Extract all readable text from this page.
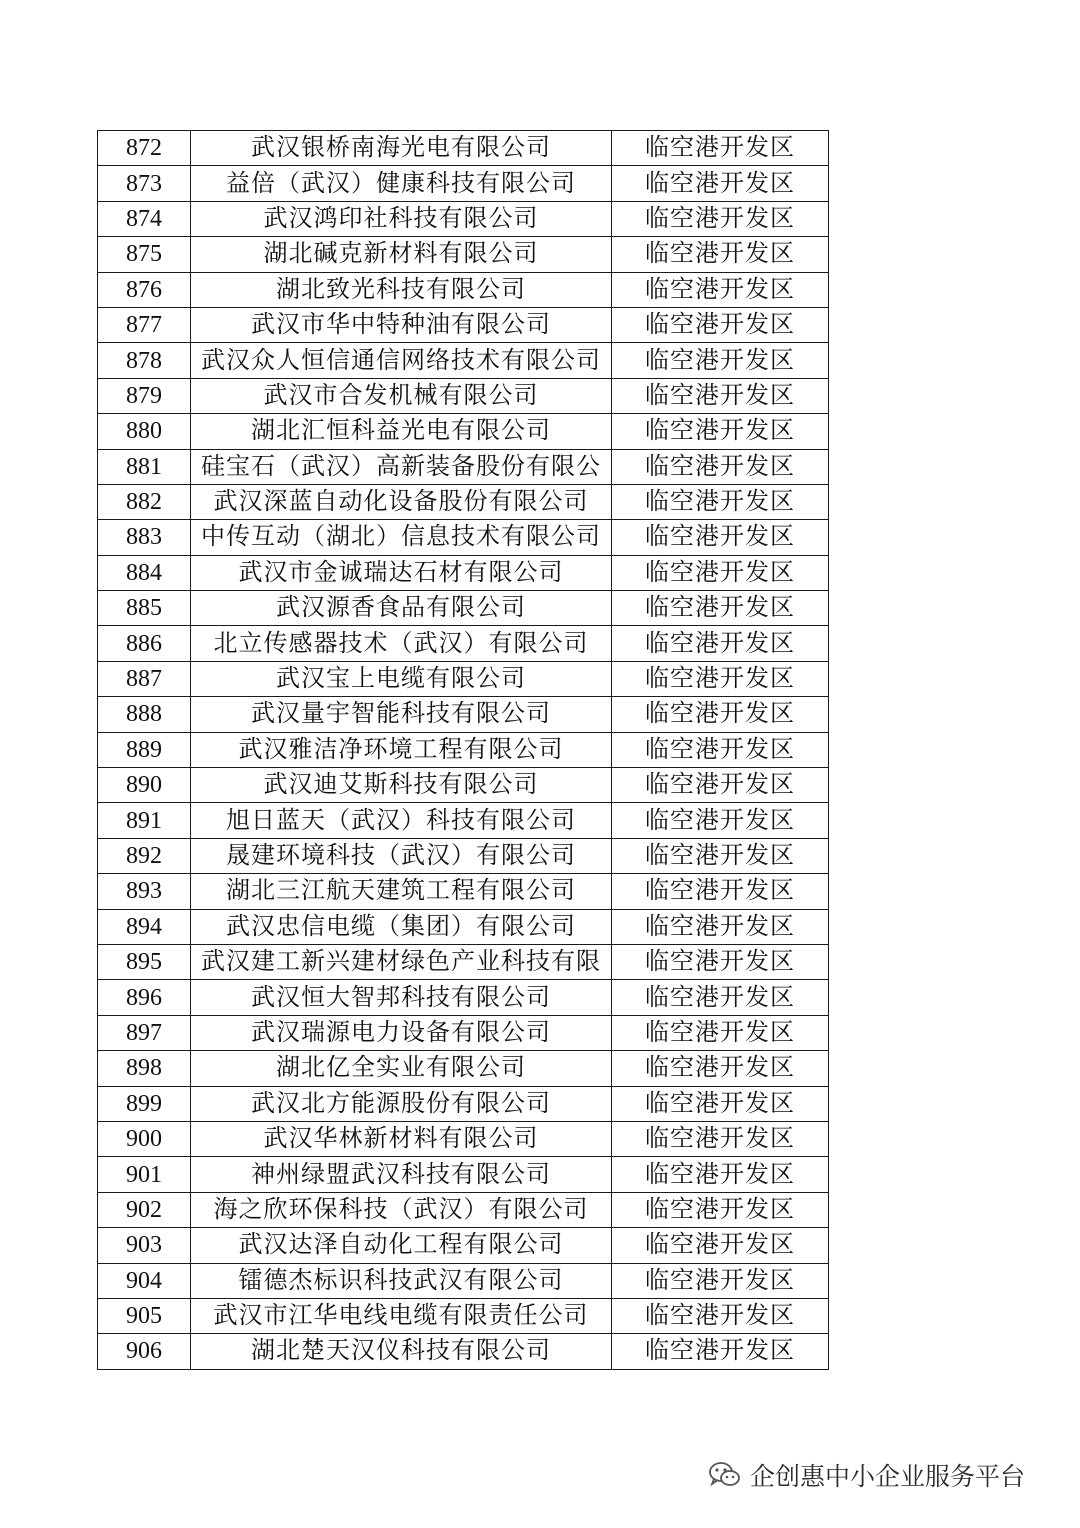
872	武汉银桥南海光电有限公司	临空港开发区
873	益倍（武汉）健康科技有限公司	临空港开发区
874	武汉鸿印社科技有限公司	临空港开发区
875	湖北碱克新材料有限公司	临空港开发区
876	湖北致光科技有限公司	临空港开发区
877	武汉市华中特种油有限公司	临空港开发区
878	武汉众人恒信通信网络技术有限公司	临空港开发区
879	武汉市合发机械有限公司	临空港开发区
880	湖北汇恒科益光电有限公司	临空港开发区
881	硅宝石（武汉）高新装备股份有限公	临空港开发区
882	武汉深蓝自动化设备股份有限公司	临空港开发区
883	中传互动（湖北）信息技术有限公司	临空港开发区
884	武汉市金诚瑞达石材有限公司	临空港开发区
885	武汉源香食品有限公司	临空港开发区
886	北立传感器技术（武汉）有限公司	临空港开发区
887	武汉宝上电缆有限公司	临空港开发区
888	武汉量宇智能科技有限公司	临空港开发区
889	武汉雅洁净环境工程有限公司	临空港开发区
890	武汉迪艾斯科技有限公司	临空港开发区
891	旭日蓝天（武汉）科技有限公司	临空港开发区
892	晟建环境科技（武汉）有限公司	临空港开发区
893	湖北三江航天建筑工程有限公司	临空港开发区
894	武汉忠信电缆（集团）有限公司	临空港开发区
895	武汉建工新兴建材绿色产业科技有限	临空港开发区
896	武汉恒大智邦科技有限公司	临空港开发区
897	武汉瑞源电力设备有限公司	临空港开发区
898	湖北亿全实业有限公司	临空港开发区
899	武汉北方能源股份有限公司	临空港开发区
900	武汉华林新材料有限公司	临空港开发区
901	神州绿盟武汉科技有限公司	临空港开发区
902	海之欣环保科技（武汉）有限公司	临空港开发区
903	武汉达泽自动化工程有限公司	临空港开发区
904	镭德杰标识科技武汉有限公司	临空港开发区
905	武汉市江华电线电缆有限责任公司	临空港开发区
906	湖北楚天汉仪科技有限公司	临空港开发区
企创惠中小企业服务平台
